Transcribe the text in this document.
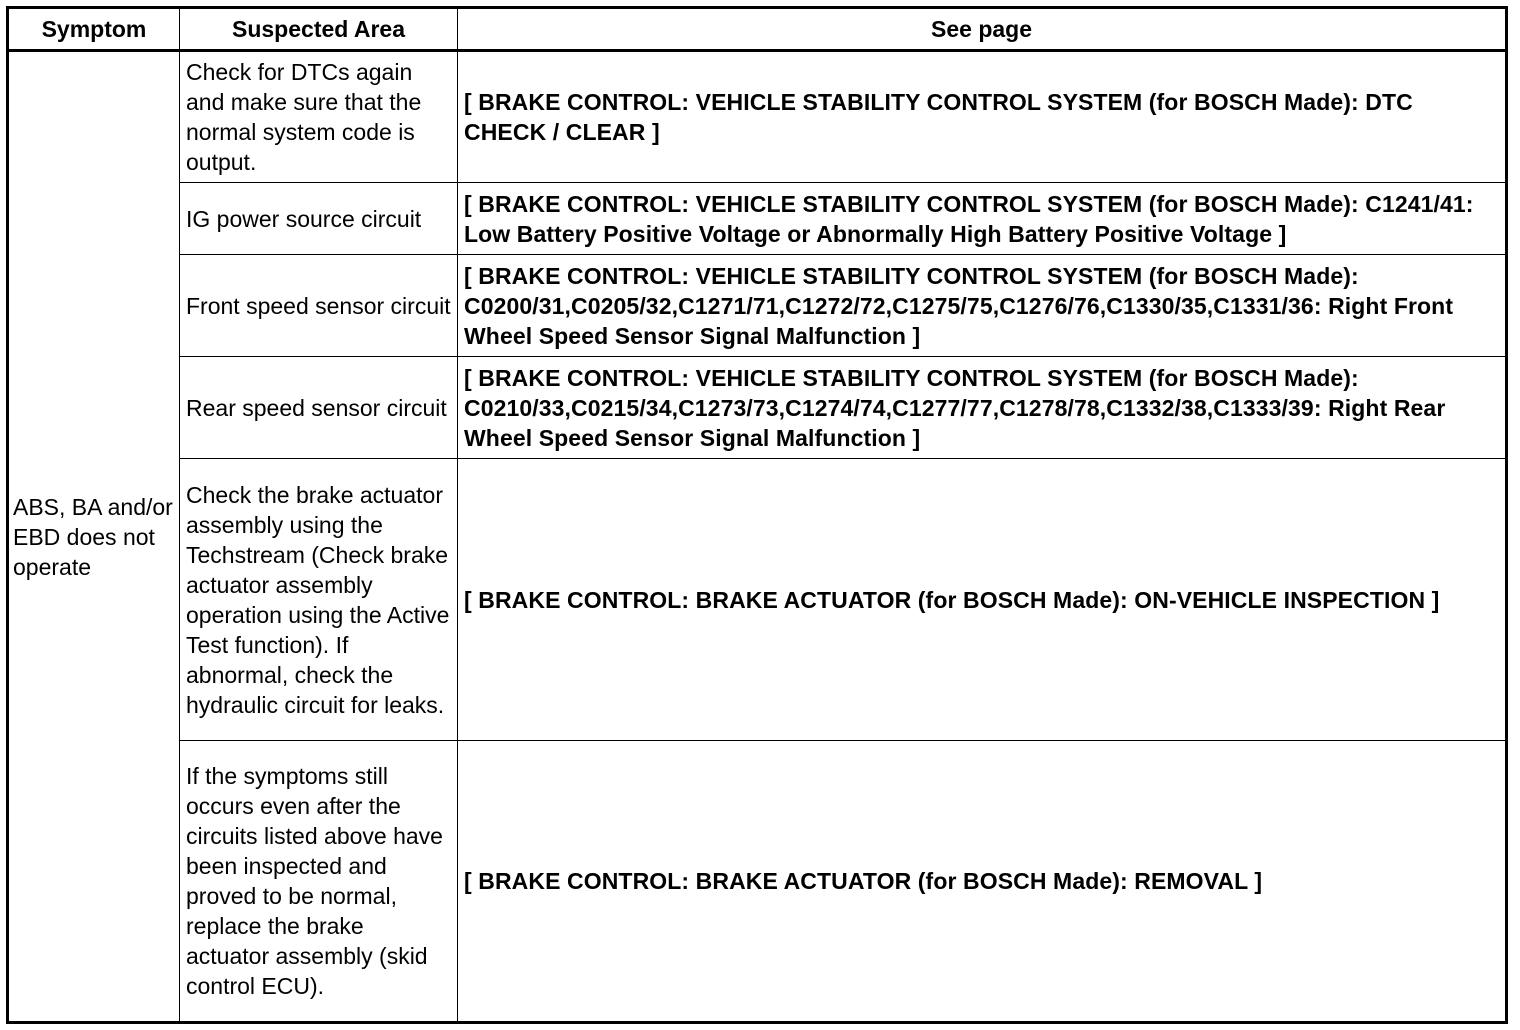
Symptom	Suspected Area	See page
ABS, BA and/or EBD does not operate	Check for DTCs again and make sure that the normal system code is output.	[ BRAKE CONTROL: VEHICLE STABILITY CONTROL SYSTEM (for BOSCH Made): DTC CHECK / CLEAR ]
	IG power source circuit	[ BRAKE CONTROL: VEHICLE STABILITY CONTROL SYSTEM (for BOSCH Made): C1241/41: Low Battery Positive Voltage or Abnormally High Battery Positive Voltage ]
	Front speed sensor circuit	[ BRAKE CONTROL: VEHICLE STABILITY CONTROL SYSTEM (for BOSCH Made): C0200/31,C0205/32,C1271/71,C1272/72,C1275/75,C1276/76,C1330/35,C1331/36: Right Front Wheel Speed Sensor Signal Malfunction ]
	Rear speed sensor circuit	[ BRAKE CONTROL: VEHICLE STABILITY CONTROL SYSTEM (for BOSCH Made): C0210/33,C0215/34,C1273/73,C1274/74,C1277/77,C1278/78,C1332/38,C1333/39: Right Rear Wheel Speed Sensor Signal Malfunction ]
	Check the brake actuator assembly using the Techstream (Check brake actuator assembly operation using the Active Test function). If abnormal, check the hydraulic circuit for leaks.	[ BRAKE CONTROL: BRAKE ACTUATOR (for BOSCH Made): ON-VEHICLE INSPECTION ]
	If the symptoms still occurs even after the circuits listed above have been inspected and proved to be normal, replace the brake actuator assembly (skid control ECU).	[ BRAKE CONTROL: BRAKE ACTUATOR (for BOSCH Made): REMOVAL ]
